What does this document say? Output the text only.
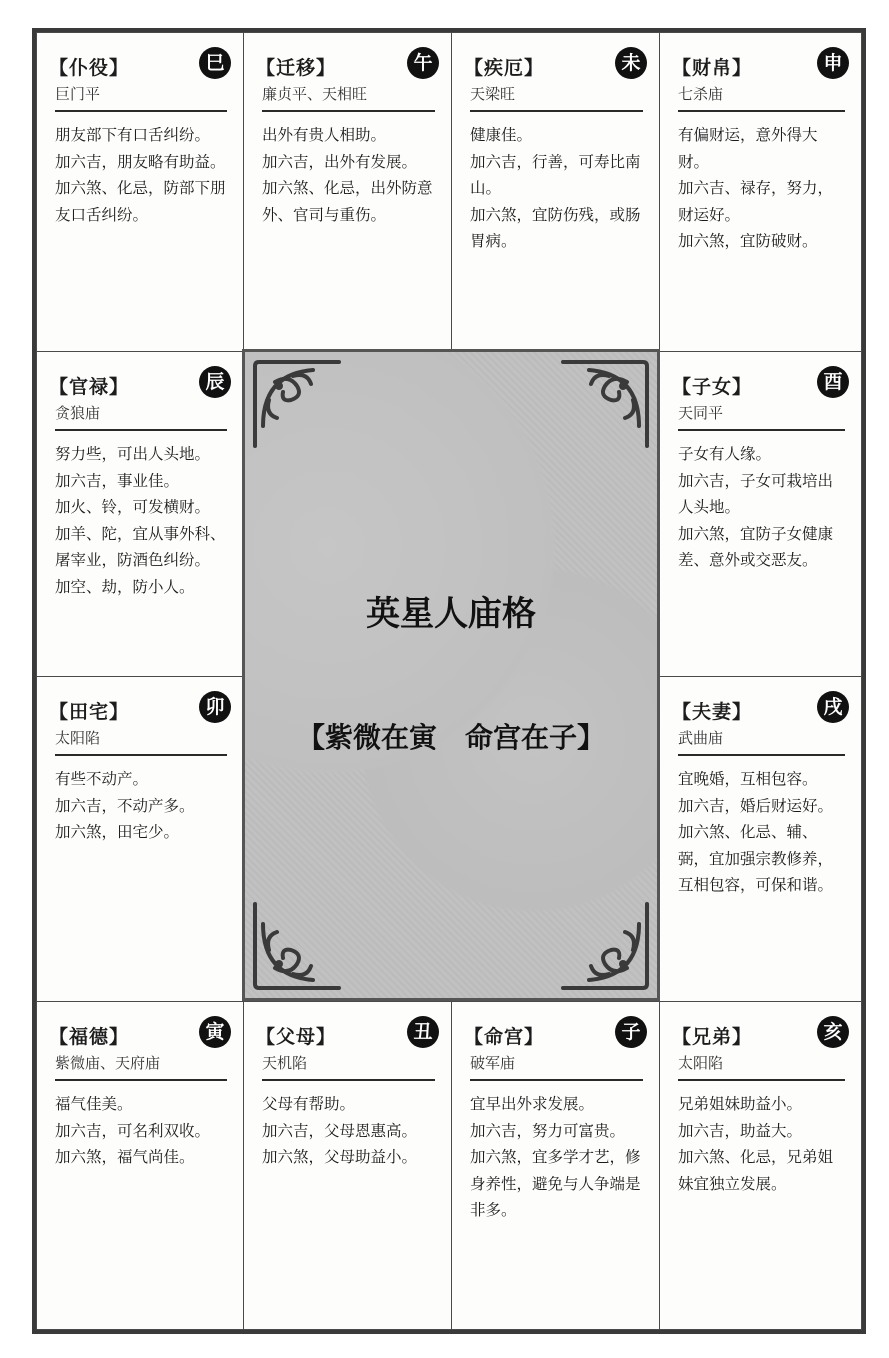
【仆役】	巳
巨门平

朋友部下有口舌纠纷。

加六吉，朋友略有助益。

加六煞、化忌，防部下朋友口舌纠纷。

【迁移】	午
廉贞平、天相旺

出外有贵人相助。

加六吉，出外有发展。

加六煞、化忌，出外防意外、官司与重伤。

【疾厄】	未
天梁旺

健康佳。

加六吉，行善，可寿比南山。

加六煞，宜防伤残，或肠胃病。

【财帛】	申
七杀庙

有偏财运，意外得大财。

加六吉、禄存，努力，财运好。

加六煞，宜防破财。

【官禄】	辰
贪狼庙

努力些，可出人头地。

加六吉，事业佳。

加火、铃，可发横财。

加羊、陀，宜从事外科、屠宰业，防酒色纠纷。

加空、劫，防小人。

【子女】	酉
天同平

子女有人缘。

加六吉，子女可栽培出人头地。

加六煞，宜防子女健康差、意外或交恶友。

【田宅】	卯
太阳陷

有些不动产。

加六吉，不动产多。

加六煞，田宅少。

【夫妻】	戌
武曲庙

宜晚婚，互相包容。

加六吉，婚后财运好。

加六煞、化忌、辅、弼，宜加强宗教修养，互相包容，可保和谐。

【福德】	寅
紫微庙、天府庙

福气佳美。

加六吉，可名利双收。

加六煞，福气尚佳。

【父母】	丑
天机陷

父母有帮助。

加六吉，父母恩惠高。

加六煞，父母助益小。

【命宫】	子
破军庙

宜早出外求发展。

加六吉，努力可富贵。

加六煞，宜多学才艺，修身养性，避免与人争端是非多。

【兄弟】	亥
太阳陷

兄弟姐妹助益小。

加六吉，助益大。

加六煞、化忌，兄弟姐妹宜独立发展。

英星人庙格
【紫微在寅　命宫在子】
